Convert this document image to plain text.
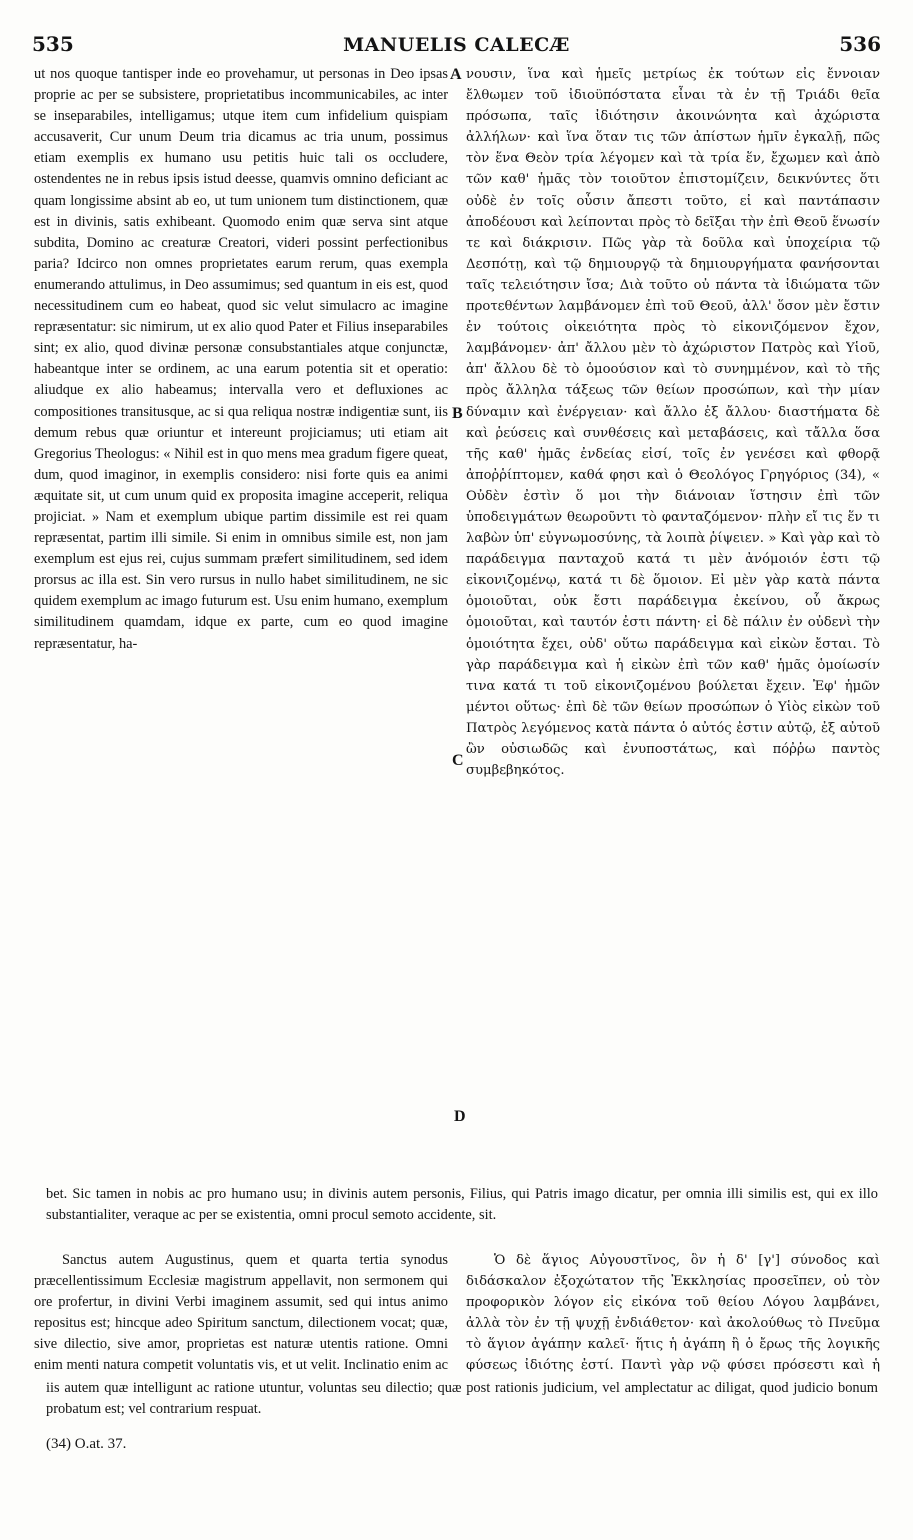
535	MANUELIS CALECÆ	536

ut nos quoque tantisper inde eo provehamur, ut personas in Deo ipsas proprie ac per se subsistere, proprietatibus incommunicabiles, ac inter se inseparabiles, intelligamus; utque item cum infidelium quispiam accusaverit, Cur unum Deum tria dicamus ac tria unum, possimus etiam exemplis ex humano usu petitis huic tali os occludere, ostendentes ne in rebus ipsis istud deesse, quamvis omnino deficiant ac quam longissime absint ab eo, ut tum unionem tum distinctionem, quæ est in divinis, satis exhibeant. Quomodo enim quæ serva sint atque subdita, Domino ac creaturæ Creatori, videri possint perfectionibus paria? Idcirco non omnes proprietates earum rerum, quas exempla enumerando attulimus, in Deo assumimus; sed quantum in eis est, quod necessitudinem cum eo habeat, quod sic velut simulacro ac imagine repræsentatur: sic nimirum, ut ex alio quod Pater et Filius inseparabiles sint; ex alio, quod divinæ personæ consubstantiales atque conjunctæ, habeantque inter se ordinem, ac una earum potentia sit et operatio: aliudque ex alio habeamus; intervalla vero et defluxiones ac compositiones transitusque, ac si qua reliqua nostræ indigentiæ sunt, iis demum rebus quæ oriuntur et intereunt projiciamus; uti etiam ait Gregorius Theologus: « Nihil est in quo mens mea gradum figere queat, dum, quod imaginor, in exemplis considero: nisi forte quis ea animi æquitate sit, ut cum unum quid ex proposita imagine acceperit, reliqua projiciat. » Nam et exemplum ubique partim dissimile est rei quam repræsentat, partim illi simile. Si enim in omnibus simile est, non jam exemplum est ejus rei, cujus summam præfert similitudinem, sed idem prorsus ac illa est. Sin vero rursus in nullo habet similitudinem, ne sic quidem exemplum ac imago futurum est. Usu enim humano, exemplum similitudinem quamdam, idque ex parte, cum eo quod imagine repræsentatur, ha-

νουσιν, ἵνα καὶ ἡμεῖς μετρίως ἐκ τούτων εἰς ἔννοιαν ἔλθωμεν τοῦ ἰδιοϋπόστατα εἶναι τὰ ἐν τῇ Τριάδι θεῖα πρόσωπα, ταῖς ἰδιότησιν ἀκοινώνητα καὶ ἀχώριστα ἀλλήλων· καὶ ἵνα ὅταν τις τῶν ἀπίστων ἡμῖν ἐγκαλῇ, πῶς τὸν ἕνα Θεὸν τρία λέγομεν καὶ τὰ τρία ἕν, ἔχωμεν καὶ ἀπὸ τῶν καθ' ἡμᾶς τὸν τοιοῦτον ἐπιστομίζειν, δεικνύντες ὅτι οὐδὲ ἐν τοῖς οὖσιν ἄπεστι τοῦτο, εἰ καὶ παντάπασιν ἀποδέουσι καὶ λείπονται πρὸς τὸ δεῖξαι τὴν ἐπὶ Θεοῦ ἕνωσίν τε καὶ διάκρισιν. Πῶς γὰρ τὰ δοῦλα καὶ ὑποχείρια τῷ Δεσπότῃ, καὶ τῷ δημιουργῷ τὰ δημιουργήματα φανήσονται ταῖς τελειότησιν ἴσα; Διὰ τοῦτο οὐ πάντα τὰ ἰδιώματα τῶν προτεθέντων λαμβάνομεν ἐπὶ τοῦ Θεοῦ, ἀλλ' ὅσον μὲν ἔστιν ἐν τούτοις οἰκειότητα πρὸς τὸ εἰκονιζόμενον ἔχον, λαμβάνομεν· ἀπ' ἄλλου μὲν τὸ ἀχώριστον Πατρὸς καὶ Υἱοῦ, ἀπ' ἄλλου δὲ τὸ ὁμοούσιον καὶ τὸ συνημμένον, καὶ τὸ τῆς πρὸς ἄλληλα τάξεως τῶν θείων προσώπων, καὶ τὴν μίαν δύναμιν καὶ ἐνέργειαν· καὶ ἄλλο ἐξ ἄλλου· διαστήματα δὲ καὶ ῥεύσεις καὶ συνθέσεις καὶ μεταβάσεις, καὶ τἄλλα ὅσα τῆς καθ' ἡμᾶς ἐνδείας εἰσί, τοῖς ἐν γενέσει καὶ φθορᾷ ἀποῤῥίπτομεν, καθά φησι καὶ ὁ Θεολόγος Γρηγόριος (34), « Οὐδὲν ἐστὶν ὅ μοι τὴν διάνοιαν ἵστησιν ἐπὶ τῶν ὑποδειγμάτων θεωροῦντι τὸ φανταζόμενον· πλὴν εἴ τις ἕν τι λαβὼν ὑπ' εὐγνωμοσύνης, τὰ λοιπὰ ῥίψειεν. » Καὶ γὰρ καὶ τὸ παράδειγμα πανταχοῦ κατά τι μὲν ἀνόμοιόν ἐστι τῷ εἰκονιζομένῳ, κατά τι δὲ ὅμοιον. Εἰ μὲν γὰρ κατὰ πάντα ὁμοιοῦται, οὐκ ἔστι παράδειγμα ἐκείνου, οὗ ἄκρως ὁμοιοῦται, καὶ ταυτόν ἐστι πάντη· εἰ δὲ πάλιν ἐν οὐδενὶ τὴν ὁμοιότητα ἔχει, οὐδ' οὕτω παράδειγμα καὶ εἰκὼν ἔσται. Τὸ γὰρ παράδειγμα καὶ ἡ εἰκὼν ἐπὶ τῶν καθ' ἡμᾶς ὁμοίωσίν τινα κατά τι τοῦ εἰκονιζομένου βούλεται ἔχειν. Ἐφ' ἡμῶν μέντοι οὕτως· ἐπὶ δὲ τῶν θείων προσώπων ὁ Υἱὸς εἰκὼν τοῦ Πατρὸς λεγόμενος κατὰ πάντα ὁ αὐτός ἐστιν αὐτῷ, ἐξ αὐτοῦ ὢν οὐσιωδῶς καὶ ἐνυποστάτως, καὶ πόῤῥω παντὸς συμβεβηκότος.

bet. Sic tamen in nobis ac pro humano usu; in divinis autem personis, Filius, qui Patris imago dicatur, per omnia illi similis est, qui ex illo substantialiter, veraque ac per se existentia, omni procul semoto accidente, sit.

Sanctus autem Augustinus, quem et quarta tertia synodus præcellentissimum Ecclesiæ magistrum appellavit, non sermonem qui ore profertur, in divini Verbi imaginem assumit, sed qui intus animo repositus est; hincque adeo Spiritum sanctum, dilectionem vocat; quæ, sive dilectio, sive amor, proprietas est naturæ utentis ratione. Omni enim menti natura competit voluntatis vis, et ut velit. Inclinatio enim ac

Ὁ δὲ ἅγιος Αὐγουστῖνος, ὃν ἡ δ' [γ'] σύνοδος καὶ διδάσκαλον ἐξοχώτατον τῆς Ἐκκλησίας προσεῖπεν, οὐ τὸν προφορικὸν λόγον εἰς εἰκόνα τοῦ θείου Λόγου λαμβάνει, ἀλλὰ τὸν ἐν τῇ ψυχῇ ἐνδιάθετον· καὶ ἀκολούθως τὸ Πνεῦμα τὸ ἅγιον ἀγάπην καλεῖ· ἥτις ἡ ἀγάπη ἢ ὁ ἔρως τῆς λογικῆς φύσεως ἰδιότης ἐστί. Παντὶ γὰρ νῷ φύσει πρόσεστι καὶ ἡ

iis autem quæ intelligunt ac ratione utuntur, voluntas seu dilectio; quæ post rationis judicium, vel amplectatur ac diligat, quod judicio bonum probatum est; vel contrarium respuat.

A
B
C
D
(34) O.at. 37.
